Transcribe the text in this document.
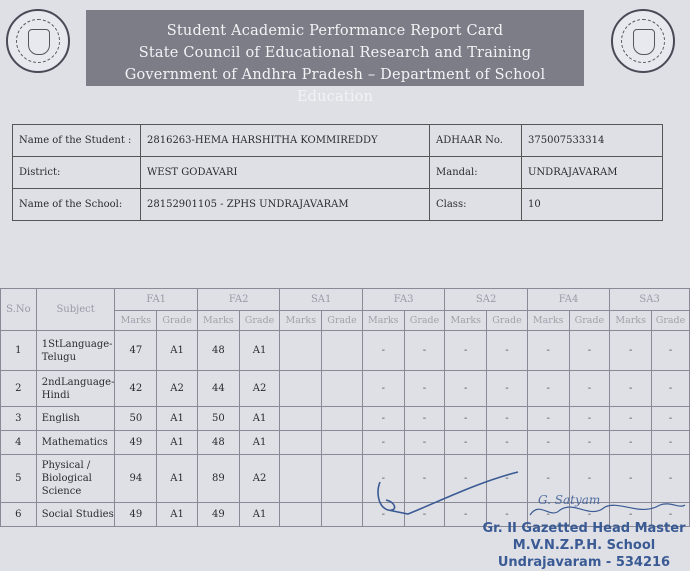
Student Academic Performance Report Card
State Council of Educational Research and Training
Government of Andhra Pradesh – Department of School Education
Name of the Student :	2816263-HEMA HARSHITHA KOMMIREDDY	ADHAAR No.	375007533314
District:	WEST GODAVARI	Mandal:	UNDRAJAVARAM
Name of the School:	28152901105 - ZPHS UNDRAJAVARAM	Class:	10
S.No	Subject	FA1		FA2		SA1		FA3		SA2		FA4		SA3	
		Marks	Grade	Marks	Grade	Marks	Grade	Marks	Grade	Marks	Grade	Marks	Grade	Marks	Grade
1	1StLanguage-Telugu	47	A1	48	A1			-	-	-	-	-	-	-	-
2	2ndLanguage-Hindi	42	A2	44	A2			-	-	-	-	-	-	-	-
3	English	50	A1	50	A1			-	-	-	-	-	-	-	-
4	Mathematics	49	A1	48	A1			-	-	-	-	-	-	-	-
5	Physical / Biological Science	94	A1	89	A2			-	-	-	-	-	-	-	-
6	Social Studies	49	A1	49	A1			-	-	-	-	-	-	-	-
G. Satyam
Gr. II Gazetted Head Master
M.V.N.Z.P.H. School
Undrajavaram - 534216
